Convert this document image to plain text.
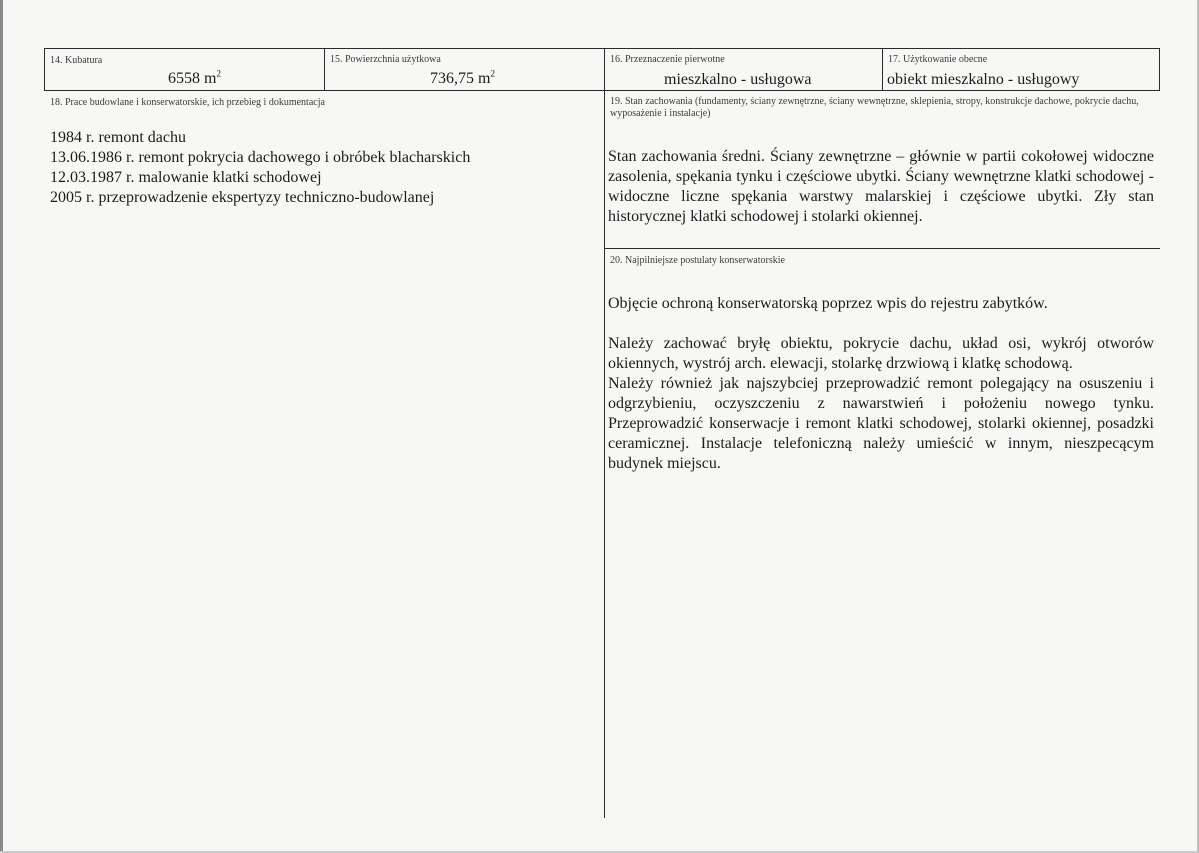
14. Kubatura
6558 $m^2$
15. Powierzchnia użytkowa
736,75 $m^2$
16. Przeznaczenie pierwotne
mieszkalno - usługowa
17. Użytkowanie obecne
obiekt mieszkalno - usługowy
18. Prace budowlane i konserwatorskie, ich przebieg i dokumentacja
1984 r. remont dachu
13.06.1986 r. remont pokrycia dachowego i obróbek blacharskich
12.03.1987 r. malowanie klatki schodowej
2005 r. przeprowadzenie ekspertyzy techniczno-budowlanej
19. Stan zachowania (fundamenty, ściany zewnętrzne, ściany wewnętrzne, sklepienia, stropy, konstrukcje dachowe, pokrycie dachu, wyposażenie i instalacje)
Stan zachowania średni. Ściany zewnętrzne – głównie w partii cokołowej widoczne zasolenia, spękania tynku i częściowe ubytki. Ściany wewnętrzne klatki schodowej - widoczne liczne spękania warstwy malarskiej i częściowe ubytki. Zły stan historycznej klatki schodowej i stolarki okiennej.
20. Najpilniejsze postulaty konserwatorskie

Objęcie ochroną konserwatorską poprzez wpis do rejestru zabytków.

Należy zachować bryłę obiektu, pokrycie dachu, układ osi, wykrój otworów okiennych, wystrój arch. elewacji, stolarkę drzwiową i klatkę schodową.

Należy również jak najszybciej przeprowadzić remont polegający na osuszeniu i odgrzybieniu, oczyszczeniu z nawarstwień i położeniu nowego tynku. Przeprowadzić konserwacje i remont klatki schodowej, stolarki okiennej, posadzki ceramicznej. Instalacje telefoniczną należy umieścić w innym, nieszpecącym budynek miejscu.
